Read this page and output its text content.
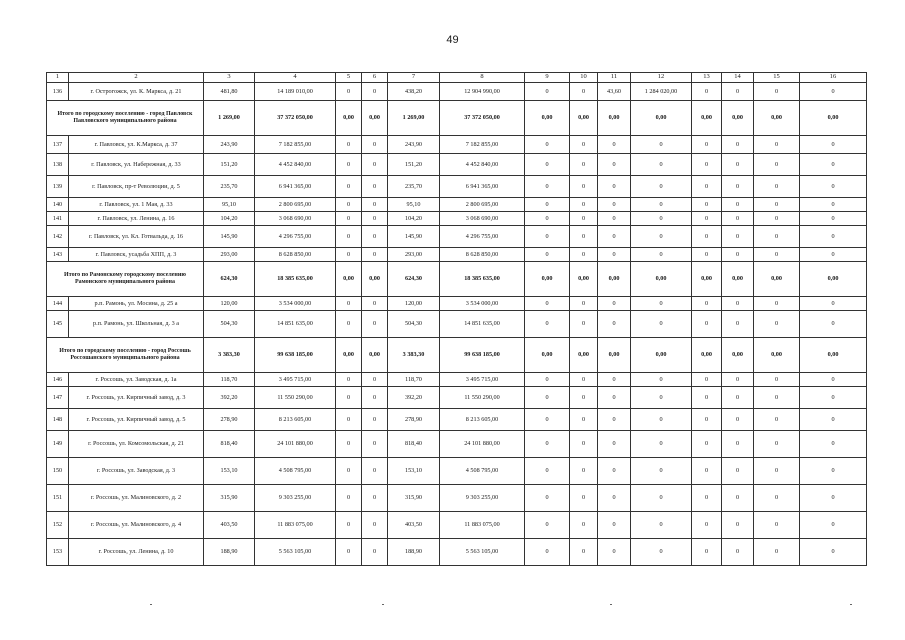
49
1	2	3	4	5	6	7	8	9	10	11	12	13	14	15	16
136	г. Острогожск, ул. К. Маркса, д. 21	481,80	14 189 010,00	0	0	438,20	12 904 990,00	0	0	43,60	1 284 020,00	0	0	0	0
Итого по городскому поселению - город Павловск Павловского муниципального района		1 269,00	37 372 050,00	0,00	0,00	1 269,00	37 372 050,00	0,00	0,00	0,00	0,00	0,00	0,00	0,00	0,00
137	г. Павловск, ул. К.Маркса, д. 37	243,90	7 182 855,00	0	0	243,90	7 182 855,00	0	0	0	0	0	0	0	0
138	г. Павловск, ул. Набережная, д. 33	151,20	4 452 840,00	0	0	151,20	4 452 840,00	0	0	0	0	0	0	0	0
139	г. Павловск, пр-т Революции, д. 5	235,70	6 941 365,00	0	0	235,70	6 941 365,00	0	0	0	0	0	0	0	0
140	г. Павловск, ул. 1 Мая, д. 33	95,10	2 800 695,00	0	0	95,10	2 800 695,00	0	0	0	0	0	0	0	0
141	г. Павловск, ул. Ленина, д. 16	104,20	3 068 690,00	0	0	104,20	3 068 690,00	0	0	0	0	0	0	0	0
142	г. Павловск, ул. Кл. Готвальда, д. 16	145,90	4 296 755,00	0	0	145,90	4 296 755,00	0	0	0	0	0	0	0	0
143	г. Павловск, усадьба ХПП, д. 3	293,00	8 628 850,00	0	0	293,00	8 628 850,00	0	0	0	0	0	0	0	0
Итого по Рамонскому городскому поселению Рамонского муниципального района		624,30	18 385 635,00	0,00	0,00	624,30	18 385 635,00	0,00	0,00	0,00	0,00	0,00	0,00	0,00	0,00
144	р.п. Рамонь, ул. Мосина, д. 25 а	120,00	3 534 000,00	0	0	120,00	3 534 000,00	0	0	0	0	0	0	0	0
145	р.п. Рамонь, ул. Школьная, д. 3 а	504,30	14 851 635,00	0	0	504,30	14 851 635,00	0	0	0	0	0	0	0	0
Итого по городскому поселению - город Россошь Россошанского муниципального района		3 383,30	99 638 185,00	0,00	0,00	3 383,30	99 638 185,00	0,00	0,00	0,00	0,00	0,00	0,00	0,00	0,00
146	г. Россошь, ул. Заводская, д. 1а	118,70	3 495 715,00	0	0	118,70	3 495 715,00	0	0	0	0	0	0	0	0
147	г. Россошь, ул. Кирпичный завод, д. 3	392,20	11 550 290,00	0	0	392,20	11 550 290,00	0	0	0	0	0	0	0	0
148	г. Россошь, ул. Кирпичный завод, д. 5	278,90	8 213 605,00	0	0	278,90	8 213 605,00	0	0	0	0	0	0	0	0
149	г. Россошь, ул. Комсомольская, д. 21	818,40	24 101 880,00	0	0	818,40	24 101 880,00	0	0	0	0	0	0	0	0
150	г. Россошь, ул. Заводская, д. 3	153,10	4 508 795,00	0	0	153,10	4 508 795,00	0	0	0	0	0	0	0	0
151	г. Россошь, ул. Малиновского, д. 2	315,90	9 303 255,00	0	0	315,90	9 303 255,00	0	0	0	0	0	0	0	0
152	г. Россошь, ул. Малиновского, д. 4	403,50	11 883 075,00	0	0	403,50	11 883 075,00	0	0	0	0	0	0	0	0
153	г. Россошь, ул. Ленина, д. 10	188,90	5 563 105,00	0	0	188,90	5 563 105,00	0	0	0	0	0	0	0	0
